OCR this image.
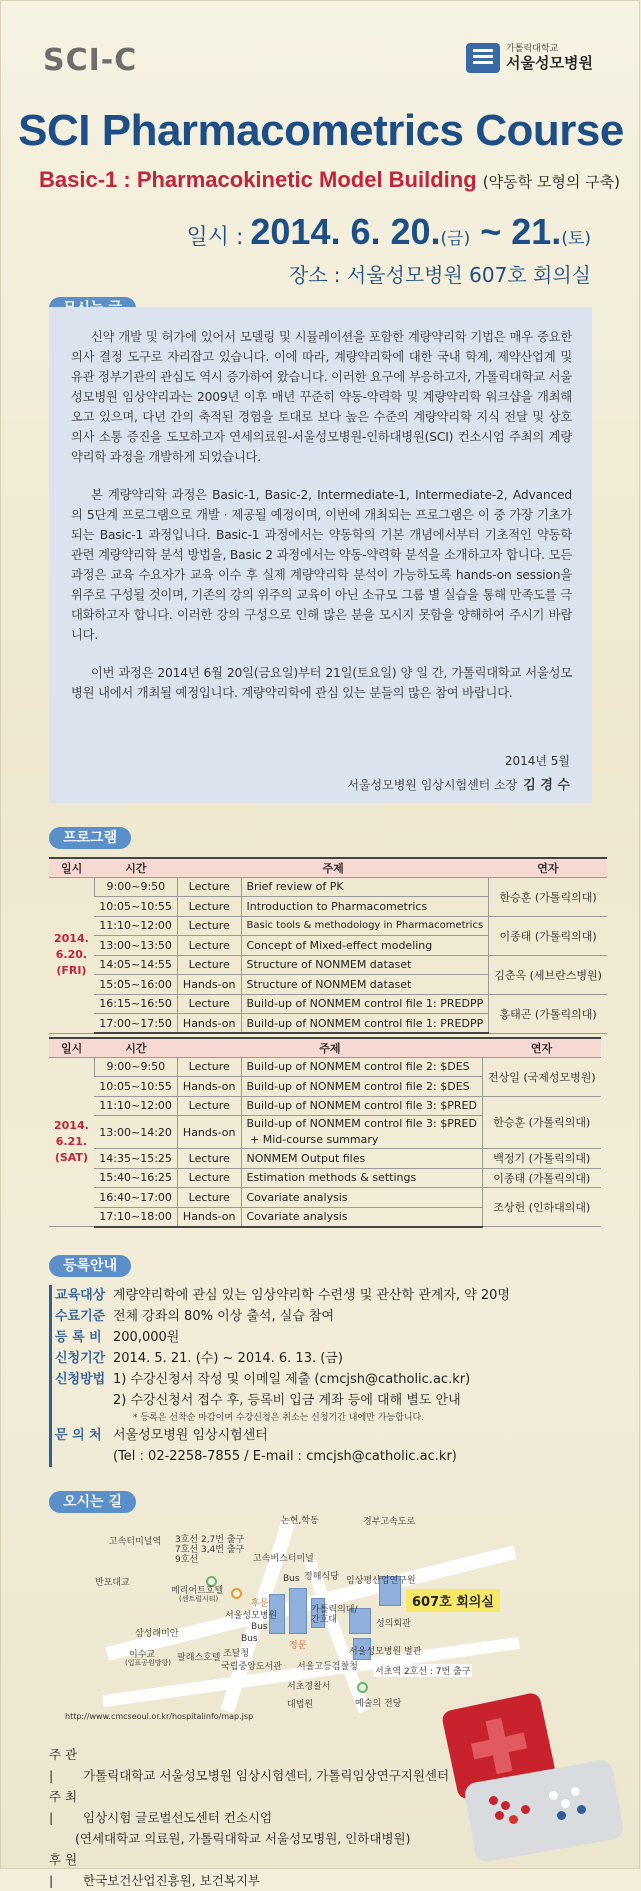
SCI-C	가톨릭대학교
서울성모병원
SCI Pharmacometrics Course
Basic-1 : Pharmacokinetic Model Building (약동학 모형의 구축)
일시 : 2014. 6. 20.(금) ~ 21.(토)
장소 : 서울성모병원 607호 회의실

신약 개발 및 허가에 있어서 모델링 및 시뮬레이션을 포함한 계량약리학 기법은 매우 중요한 의사 결정 도구로 자리잡고 있습니다. 이에 따라, 계량약리학에 대한 국내 학계, 제약산업계 및 유관 정부기관의 관심도 역시 증가하여 왔습니다. 이러한 요구에 부응하고자, 가톨릭대학교 서울성모병원 임상약리과는 2009년 이후 매년 꾸준히 약동-약력학 및 계량약리학 워크샵을 개최해 오고 있으며, 다년 간의 축적된 경험을 토대로 보다 높은 수준의 계량약리학 지식 전달 및 상호 의사 소통 증진을 도모하고자 연세의료원-서울성모병원-인하대병원(SCI) 컨소시엄 주최의 계량약리학 과정을 개발하게 되었습니다.

본 계량약리학 과정은 Basic-1, Basic-2, Intermediate-1, Intermediate-2, Advanced의 5단계 프로그램으로 개발 · 제공될 예정이며, 이번에 개최되는 프로그램은 이 중 가장 기초가 되는 Basic-1 과정입니다. Basic-1 과정에서는 약동학의 기본 개념에서부터 기초적인 약동학 관련 계량약리학 분석 방법을, Basic 2 과정에서는 약동-약력학 분석을 소개하고자 합니다. 모든 과정은 교육 수요자가 교육 이수 후 실제 계량약리학 분석이 가능하도록 hands-on session을 위주로 구성될 것이며, 기존의 강의 위주의 교육이 아닌 소규모 그룹 별 실습을 통해 만족도를 극대화하고자 합니다. 이러한 강의 구성으로 인해 많은 분을 모시지 못함을 양해하여 주시기 바랍니다.

이번 과정은 2014년 6월 20일(금요일)부터 21일(토요일) 양 일 간, 가톨릭대학교 서울성모병원 내에서 개최될 예정입니다. 계량약리학에 관심 있는 분들의 많은 참여 바랍니다.

2014년 5월
서울성모병원 임상시험센터 소장 김 경 수
프로그램
일시	시간	주제		연자
2014.
6.20.
(FRI)	9:00~9:50	Lecture	Brief review of PK	한승훈 (가톨릭의대)
	10:05~10:55	Lecture	Introduction to Pharmacometrics	
	11:10~12:00	Lecture	Basic tools & methodology in Pharmacometrics	이종태 (가톨릭의대)
	13:00~13:50	Lecture	Concept of Mixed-effect modeling	
	14:05~14:55	Lecture	Structure of NONMEM dataset	김춘옥 (세브란스병원)
	15:05~16:00	Hands-on	Structure of NONMEM dataset	
	16:15~16:50	Lecture	Build-up of NONMEM control file 1: PREDPP	홍태곤 (가톨릭의대)
	17:00~17:50	Hands-on	Build-up of NONMEM control file 1: PREDPP	
일시	시간	주제		연자
2014.
6.21.
(SAT)	9:00~9:50	Lecture	Build-up of NONMEM control file 2: $DES	전상일 (국제성모병원)
	10:05~10:55	Hands-on	Build-up of NONMEM control file 2: $DES	
	11:10~12:00	Lecture	Build-up of NONMEM control file 3: $PRED	한승훈 (가톨릭의대)
	13:00~14:20	Hands-on	Build-up of NONMEM control file 3: $PRED
+ Mid-course summary	
	14:35~15:25	Lecture	NONMEM Output files	백정기 (가톨릭의대)
	15:40~16:25	Lecture	Estimation methods & settings	이종태 (가톨릭의대)
	16:40~17:00	Lecture	Covariate analysis	조상헌 (인하대의대)
	17:10~18:00	Hands-on	Covariate analysis	
등록안내
교육대상 계량약리학에 관심 있는 임상약리학 수련생 및 관산학 관계자, 약 20명
수료기준 전체 강좌의 80% 이상 출석, 실습 참여
등 록 비 200,000원
신청기간 2014. 5. 21. (수) ~ 2014. 6. 13. (금)
신청방법 1) 수강신청서 작성 및 이메일 제출 (cmcjsh@catholic.ac.kr)
2) 수강신청서 접수 후, 등록비 입금 계좌 등에 대해 별도 안내
* 등록은 선착순 마감이며 수강신청은 취소는 신청기간 내에만 가능합니다.
문 의 처 서울성모병원 임상시험센터
(Tel : 02-2258-7855 / E-mail : cmcjsh@catholic.ac.kr)
오시는 길
논현,학동	경부고속도로
고속터미널역 3호선 2,7번 출구
7호선 3,4번 출구
9호선	고속버스터미널
반포대교
메리어트호텔
(센트럴시티)
Bus 정해식당 임상평산업연구원
후문
서울성모병원
가톨릭의대/
간호대
삼성래미안
성의회관
Bus
Bus
정문
서울성모병원 별관
이수교
(입표공원방향) 팔래스호텔 조달청
국립중앙도서관 서울고등검찰청 서초역 2호선 : 7번 출구
서초경찰서
대법원	예술의 전당
607호 회의실
http://www.cmcseoul.or.kr/hospitalinfo/map.jsp
주 관 | 가톨릭대학교 서울성모병원 임상시험센터, 가톨릭임상연구지원센터
주 최 | 임상시험 글로벌선도센터 컨소시엄
(연세대학교 의료원, 가톨릭대학교 서울성모병원, 인하대병원)
후 원 | 한국보건산업진흥원, 보건복지부
